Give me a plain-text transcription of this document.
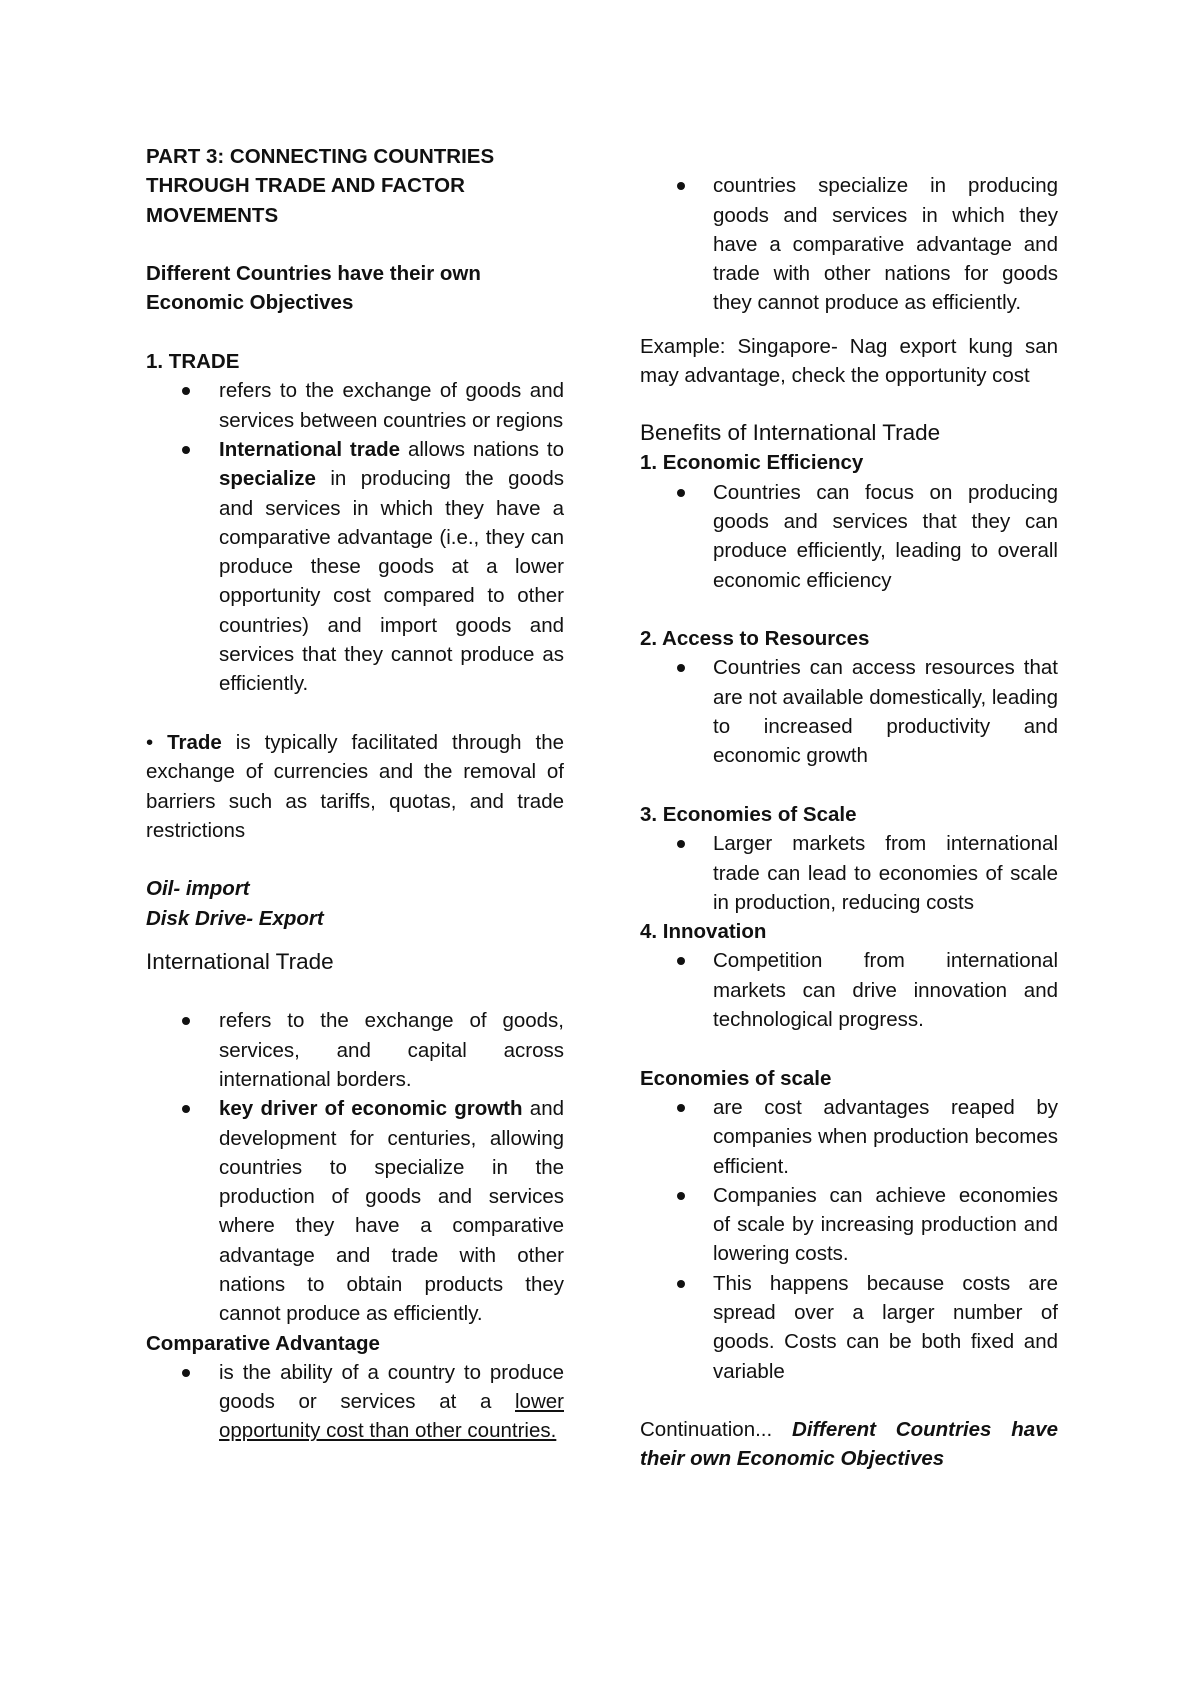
PART 3: CONNECTING COUNTRIES
THROUGH TRADE AND FACTOR
MOVEMENTS

Different Countries have their own
Economic Objectives

1. TRADE

refers to the exchange of goods and services between countries or regions
International trade allows nations to specialize in producing the goods and services in which they have a comparative advantage (i.e., they can produce these goods at a lower opportunity cost compared to other countries) and import goods and services that they cannot produce as efficiently.

• Trade is typically facilitated through the exchange of currencies and the removal of barriers such as tariffs, quotas, and trade restrictions

Oil- import

Disk Drive- Export

International Trade

refers to the exchange of goods, services, and capital across international borders.
key driver of economic growth and development for centuries, allowing countries to specialize in the production of goods and services where they have a comparative advantage and trade with other nations to obtain products they cannot produce as efficiently.

Comparative Advantage

is the ability of a country to produce goods or services at a lower opportunity cost than other countries.
countries specialize in producing goods and services in which they have a comparative advantage and trade with other nations for goods they cannot produce as efficiently.

Example: Singapore- Nag export kung san may advantage, check the opportunity cost

Benefits of International Trade

1. Economic Efficiency

Countries can focus on producing goods and services that they can produce efficiently, leading to overall economic efficiency

2. Access to Resources

Countries can access resources that are not available domestically, leading to increased productivity and economic growth

3. Economies of Scale

Larger markets from international trade can lead to economies of scale in production, reducing costs

4. Innovation

Competition from international markets can drive innovation and technological progress.

Economies of scale

are cost advantages reaped by companies when production becomes efficient.
Companies can achieve economies of scale by increasing production and lowering costs.
This happens because costs are spread over a larger number of goods. Costs can be both fixed and variable

Continuation... Different Countries have their own Economic Objectives
